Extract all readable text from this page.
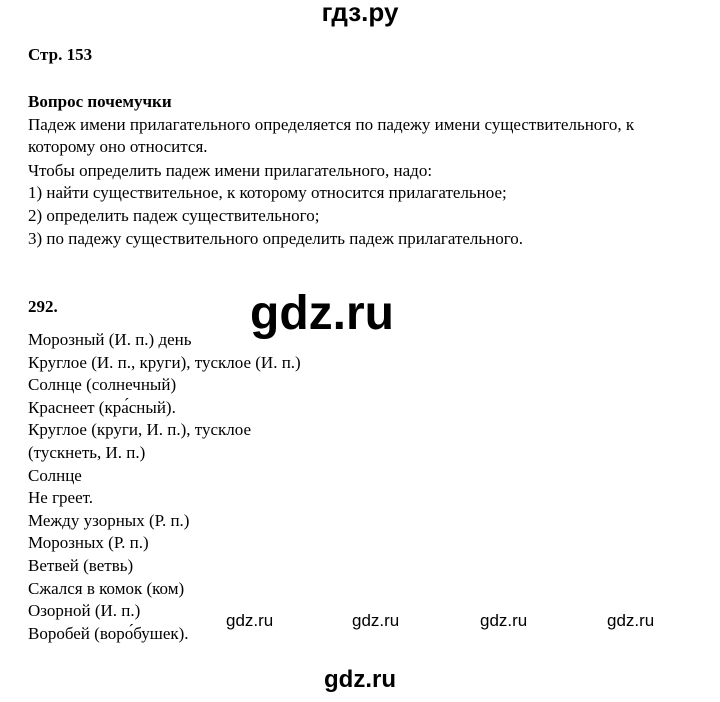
гдз.ру
Стр. 153
Вопрос почемучки
Падеж имени прилагательного определяется по падежу имени существительного, к
которому оно относится.
Чтобы определить падеж имени прилагательного, надо:
1) найти существительное, к которому относится прилагательное;
2) определить падеж существительного;
3) по падежу существительного определить падеж прилагательного.
292.
Морозный (И. п.) день
Круглое (И. п., круги), тусклое (И. п.)
Солнце (солнечный)
Краснеет (кра́сный).
Круглое (круги, И. п.), тусклое
(тускнеть, И. п.)
Солнце
Не греет.
Между узорных (Р. п.)
Морозных (Р. п.)
Ветвей (ветвь)
Сжался в комок (ком)
Озорной (И. п.)
Воробей (воро́бушек).
gdz.ru
gdz.ru	gdz.ru	gdz.ru	gdz.ru
gdz.ru
